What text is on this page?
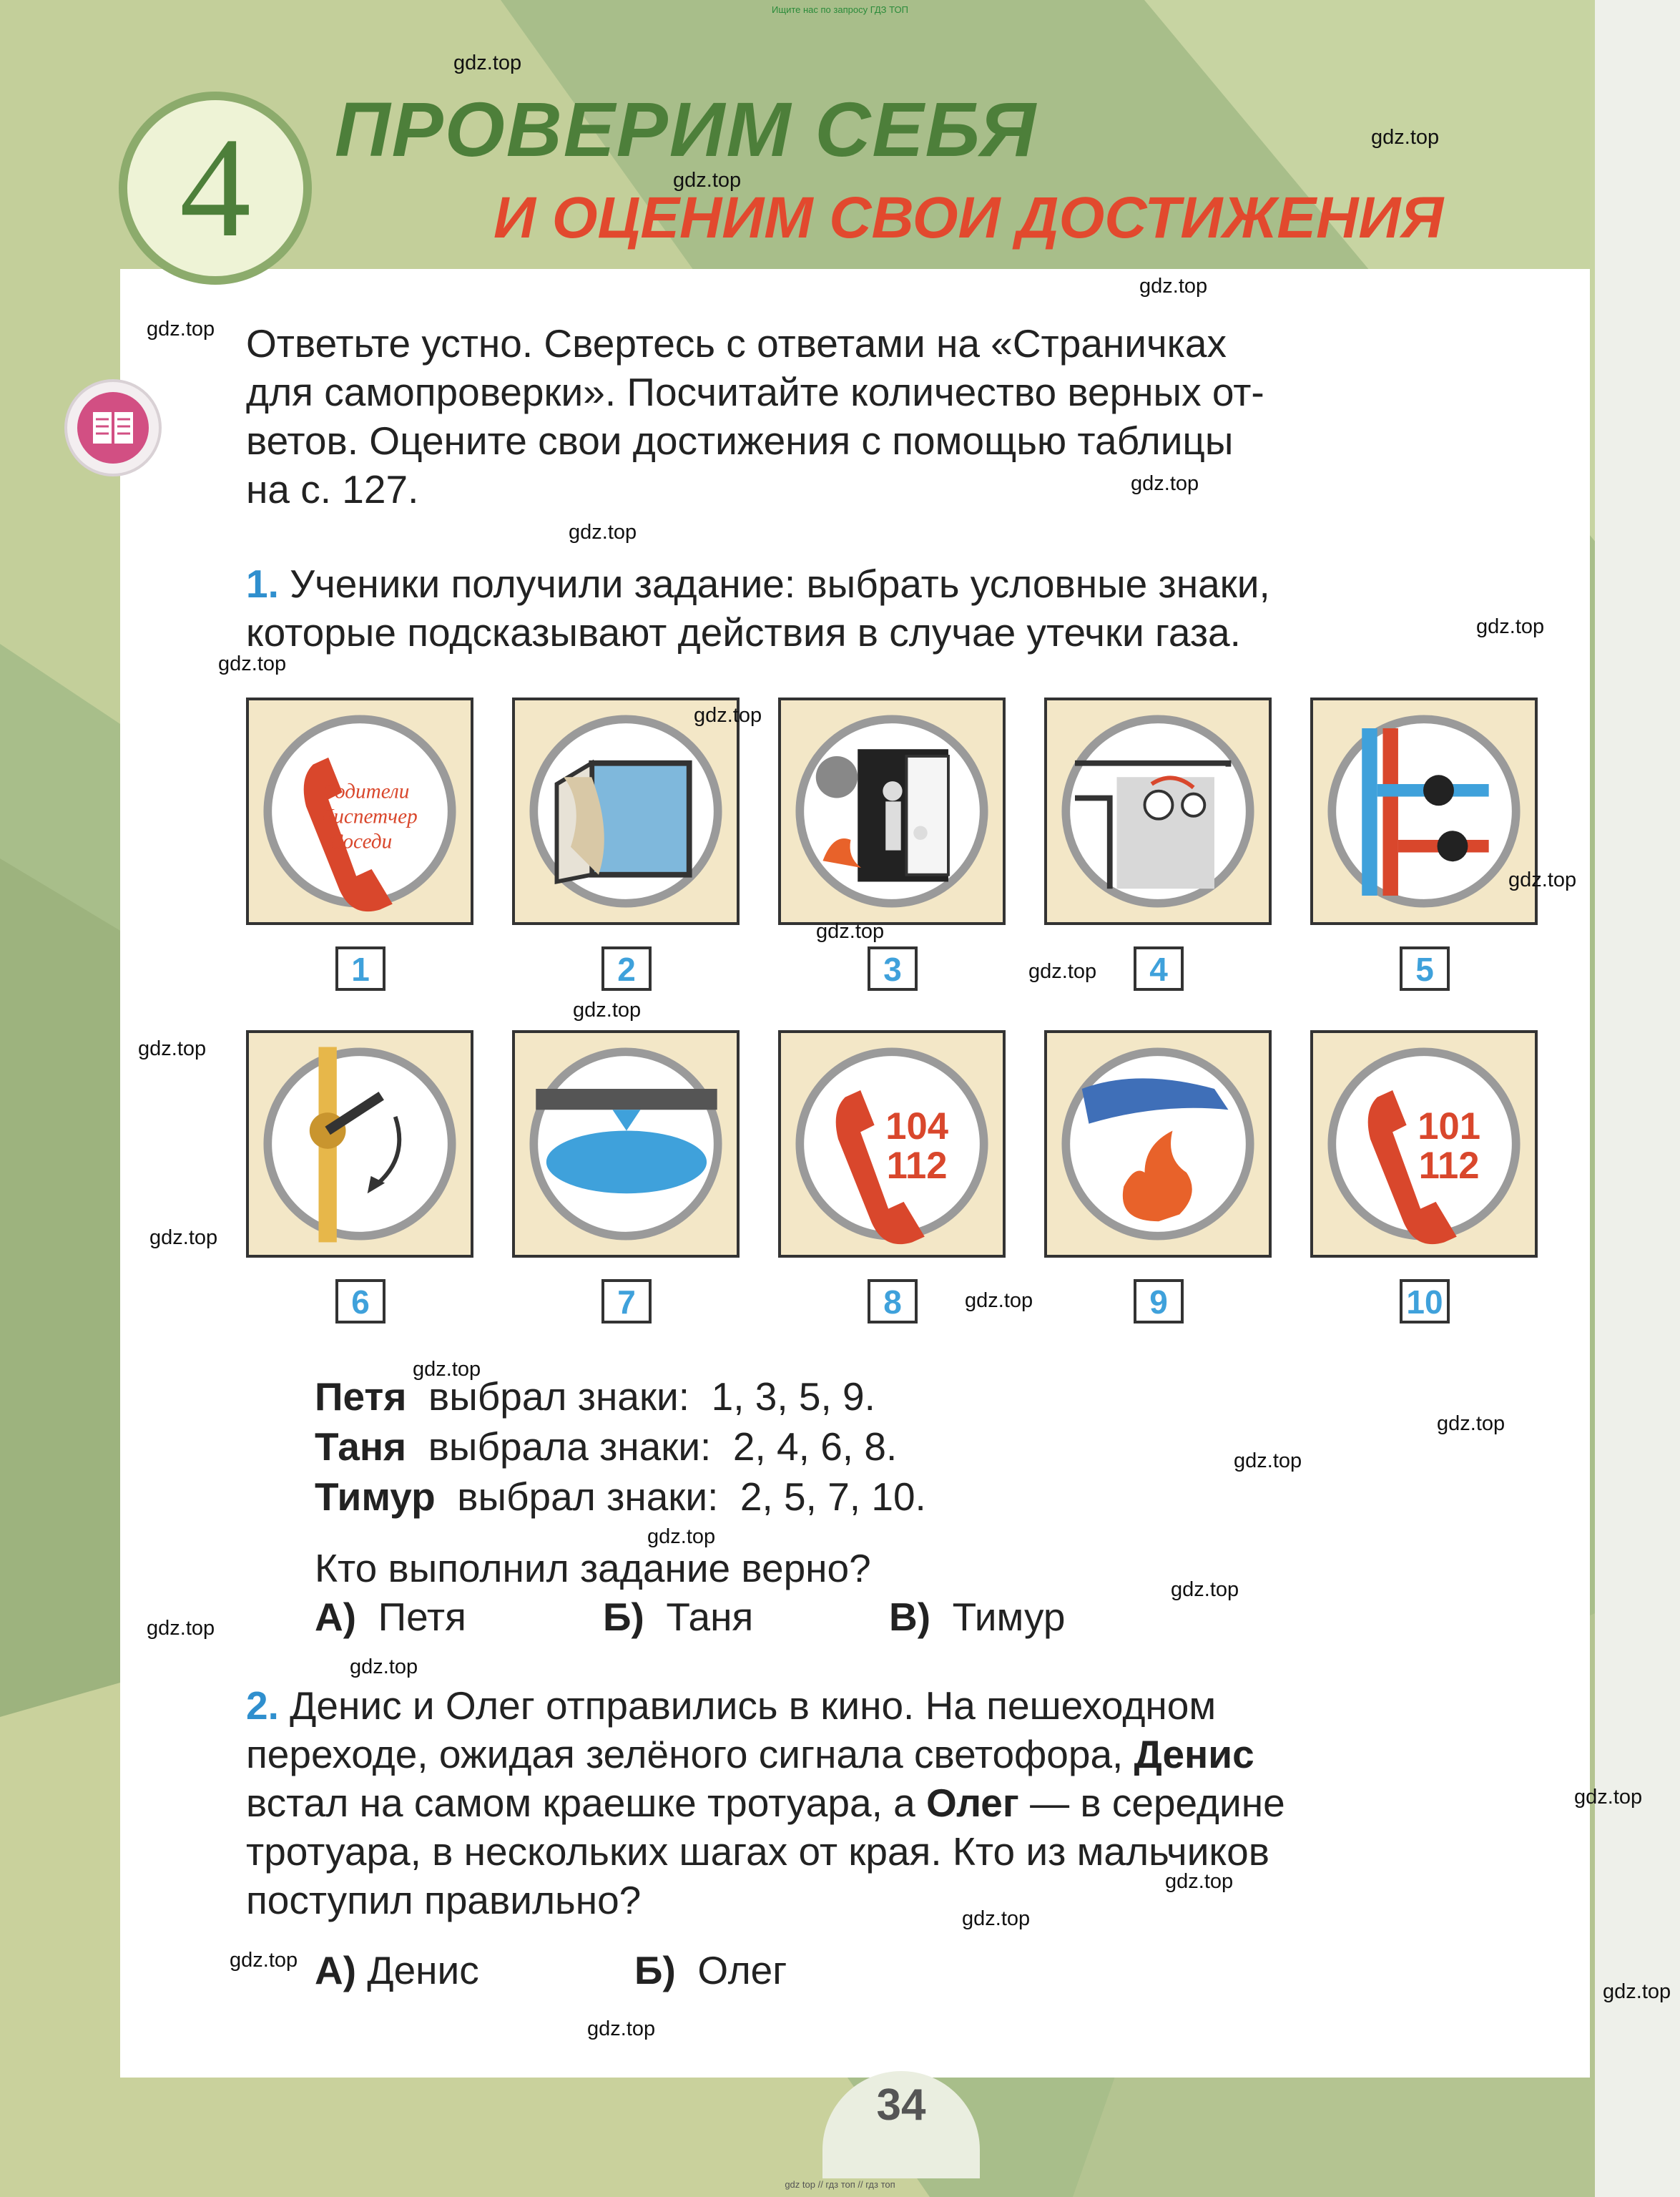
Ищите нас по запросу ГДЗ ТОП
4	ПРОВЕРИМ СЕБЯ
И ОЦЕНИМ СВОИ ДОСТИЖЕНИЯ
Ответьте устно. Свертесь с ответами на «Страничках
для самопроверки». Посчитайте количество верных от-
ветов. Оцените свои достижения с помощью таблицы
на с. 127.
1. Ученики получили задание: выбрать условные знаки,
которые подсказывают действия в случае утечки газа.
Родители
Диспетчер
Соседи
1	2	3	4	5
104
112
101
112
6	7	8	9	10
Петя выбрал знаки: 1, 3, 5, 9.
Таня выбрала знаки: 2, 4, 6, 8.
Тимур выбрал знаки: 2, 5, 7, 10.
Кто выполнил задание верно?
А) Петя	Б) Таня	В) Тимур
2. Денис и Олег отправились в кино. На пешеходном
переходе, ожидая зелёного сигнала светофора, Денис
встал на самом краешке тротуара, а Олег — в середине
тротуара, в нескольких шагах от края. Кто из мальчиков
поступил правильно?
А) Денис	Б) Олег
34
gdz top // гдз топ // гдз топ
gdz.top
gdz.top
gdz.top
gdz.top
gdz.top
gdz.top
gdz.top
gdz.top
gdz.top
gdz.top
gdz.top
gdz.top
gdz.top
gdz.top
gdz.top
gdz.top
gdz.top
gdz.top
gdz.top
gdz.top
gdz.top
gdz.top
gdz.top
gdz.top
gdz.top
gdz.top
gdz.top
gdz.top
gdz.top
gdz.top
